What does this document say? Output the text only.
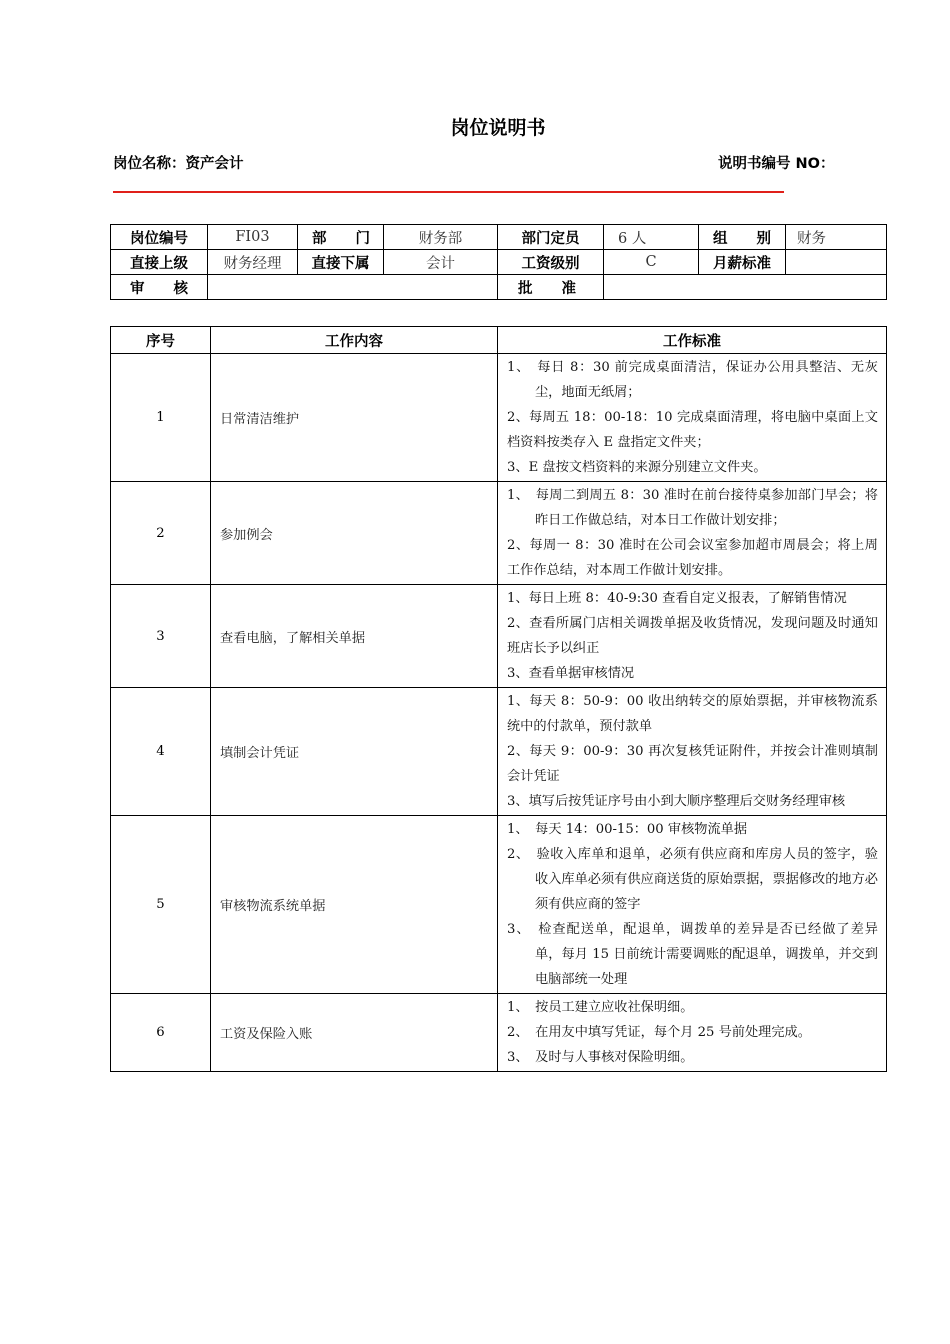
岗位说明书
岗位名称：资产会计	说明书编号 NO：
岗位编号	FI03	部　　门	财务部	部门定员	6 人	组　　别	财务
直接上级	财务经理	直接下属	会计	工资级别	C	月薪标准	
审　　核				批　　准			
序号	工作内容	工作标准
1	日常清洁维护	1、　每日 8：30 前完成桌面清洁，保证办公用具整洁、无灰尘，地面无纸屑；

2、每周五 18：00-18：10 完成桌面清理，将电脑中桌面上文档资料按类存入 E 盘指定文件夹；

3、E 盘按文档资料的来源分别建立文件夹。

2	参加例会	1、　每周二到周五 8：30 准时在前台接待桌参加部门早会；将昨日工作做总结，对本日工作做计划安排；

2、每周一 8：30 准时在公司会议室参加超市周晨会；将上周工作作总结，对本周工作做计划安排。

3	查看电脑，了解相关单据	1、每日上班 8：40-9:30 查看自定义报表，了解销售情况

2、查看所属门店相关调拨单据及收货情况，发现问题及时通知班店长予以纠正

3、查看单据审核情况

4	填制会计凭证	1、每天 8：50-9：00 收出纳转交的原始票据，并审核物流系统中的付款单，预付款单

2、每天 9：00-9：30 再次复核凭证附件，并按会计准则填制会计凭证

3、填写后按凭证序号由小到大顺序整理后交财务经理审核

5	审核物流系统单据	1、　每天 14：00-15：00 审核物流单据

2、　验收入库单和退单，必须有供应商和库房人员的签字，验收入库单必须有供应商送货的原始票据，票据修改的地方必须有供应商的签字

3、　检查配送单，配退单，调拨单的差异是否已经做了差异单，每月 15 日前统计需要调账的配退单，调拨单，并交到电脑部统一处理

6	工资及保险入账	1、　按员工建立应收社保明细。

2、　在用友中填写凭证，每个月 25 号前处理完成。

3、　及时与人事核对保险明细。
